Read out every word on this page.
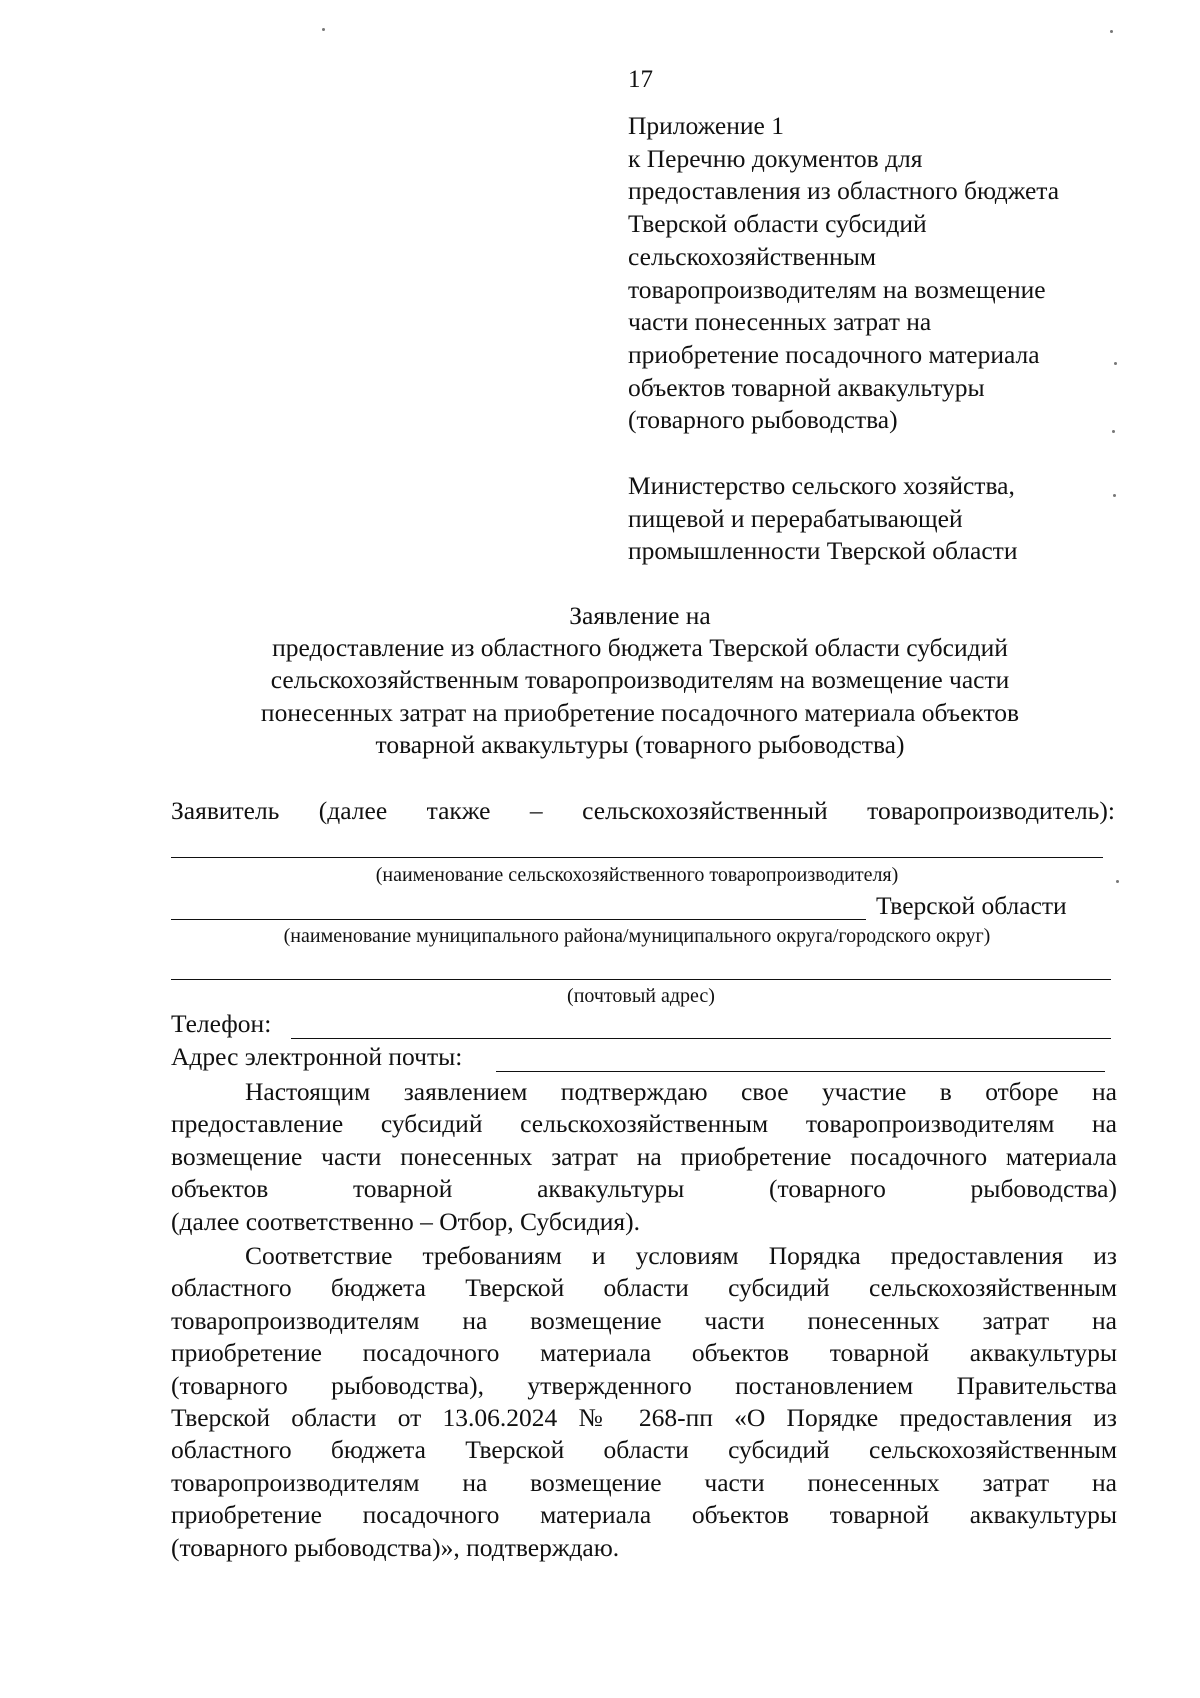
17
Приложение 1
к Перечню документов для
предоставления из областного бюджета
Тверской области субсидий
сельскохозяйственным
товаропроизводителям на возмещение
части понесенных затрат на
приобретение посадочного материала
объектов товарной аквакультуры
(товарного рыбоводства)
Министерство сельского хозяйства,
пищевой и перерабатывающей
промышленности Тверской области
Заявление на
предоставление из областного бюджета Тверской области субсидий
сельскохозяйственным товаропроизводителям на возмещение части
понесенных затрат на приобретение посадочного материала объектов
товарной аквакультуры (товарного рыбоводства)
Заявитель (далее также – сельскохозяйственный товаропроизводитель):
(наименование сельскохозяйственного товаропроизводителя)
Тверской области
(наименование муниципального района/муниципального округа/городского округ)
(почтовый адрес)
Телефон:
Адрес электронной почты:
Настоящим заявлением подтверждаю свое участие в отборе на
предоставление субсидий сельскохозяйственным товаропроизводителям на
возмещение части понесенных затрат на приобретение посадочного материала
объектов товарной аквакультуры (товарного рыбоводства)
(далее соответственно – Отбор, Субсидия).
Соответствие требованиям и условиям Порядка предоставления из
областного бюджета Тверской области субсидий сельскохозяйственным
товаропроизводителям на возмещение части понесенных затрат на
приобретение посадочного материала объектов товарной аквакультуры
(товарного рыбоводства), утвержденного постановлением Правительства
Тверской области от 13.06.2024 № 268-пп «О Порядке предоставления из
областного бюджета Тверской области субсидий сельскохозяйственным
товаропроизводителям на возмещение части понесенных затрат на
приобретение посадочного материала объектов товарной аквакультуры
(товарного рыбоводства)», подтверждаю.
